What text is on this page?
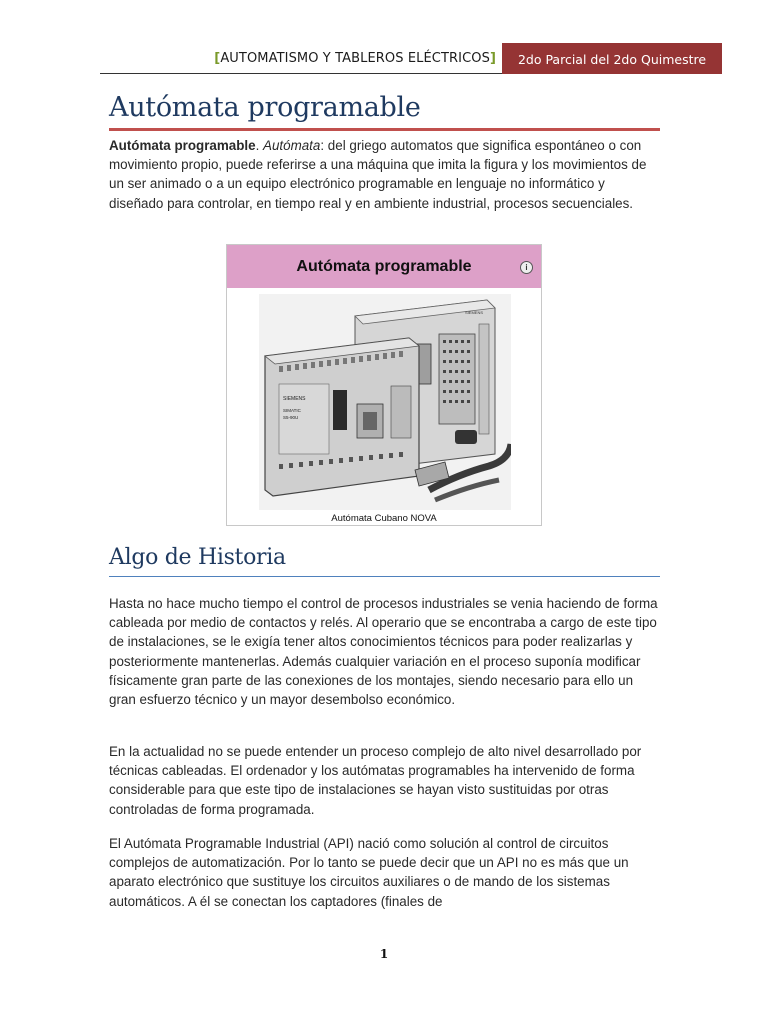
[AUTOMATISMO Y TABLEROS ELÉCTRICOS]	2do Parcial del 2do Quimestre
Autómata programable

Autómata programable. Autómata: del griego automatos que significa espontáneo o con movimiento propio, puede referirse a una máquina que imita la figura y los movimientos de un ser animado o a un equipo electrónico programable en lenguaje no informático y diseñado para controlar, en tiempo real y en ambiente industrial, procesos secuenciales.

Autómata programable	i
SIEMENS
SIEMENS
SIMATIC
S5-90U
Autómata Cubano NOVA
Algo de Historia

Hasta no hace mucho tiempo el control de procesos industriales se venia haciendo de forma cableada por medio de contactos y relés. Al operario que se encontraba a cargo de este tipo de instalaciones, se le exigía tener altos conocimientos técnicos para poder realizarlas y posteriormente mantenerlas. Además cualquier variación en el proceso suponía modificar físicamente gran parte de las conexiones de los montajes, siendo necesario para ello un gran esfuerzo técnico y un mayor desembolso económico.

En la actualidad no se puede entender un proceso complejo de alto nivel desarrollado por técnicas cableadas. El ordenador y los autómatas programables ha intervenido de forma considerable para que este tipo de instalaciones se hayan visto sustituidas por otras controladas de forma programada.

El Autómata Programable Industrial (API) nació como solución al control de circuitos complejos de automatización. Por lo tanto se puede decir que un API no es más que un aparato electrónico que sustituye los circuitos auxiliares o de mando de los sistemas automáticos. A él se conectan los captadores (finales de

1
